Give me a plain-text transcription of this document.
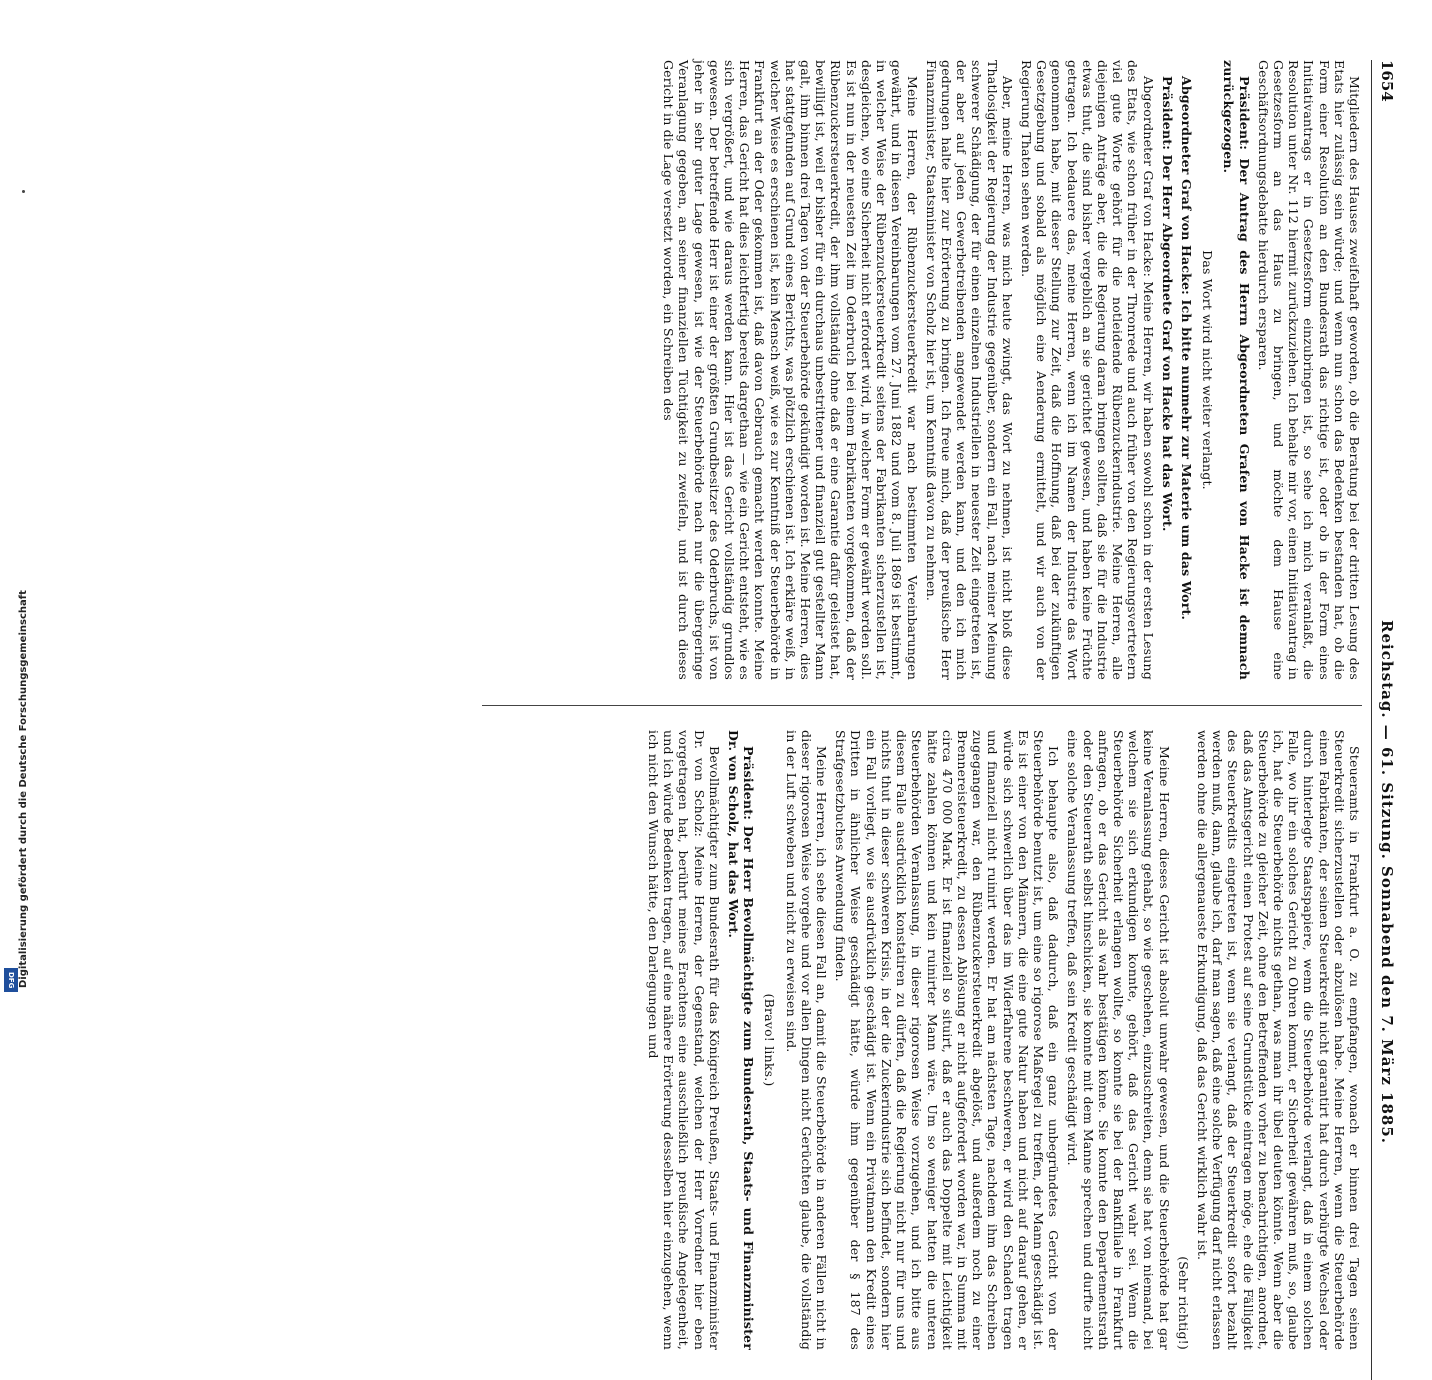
1654
Reichstag. — 61. Sitzung. Sonnabend den 7. März 1885.

Mitgliedern des Hauses zweifelhaft geworden, ob die Beratung bei der dritten Lesung des Etats hier zulässig sein würde; und wenn nun schon das Bedenken bestanden hat, ob die Form einer Resolution an den Bundesrath das richtige ist, oder ob in der Form eines Initiativantrags er in Gesetzesform einzubringen ist, so sehe ich mich veranlaßt, die Resolution unter Nr. 112 hiermit zurückzuziehen. Ich behalte mir vor, einen Initiativantrag in Gesetzesform an das Haus zu bringen, und möchte dem Hause eine Geschäftsordnungsdebatte hierdurch ersparen.

Präsident: Der Antrag des Herrn Abgeordneten Grafen von Hacke ist demnach zurückgezogen.

Das Wort wird nicht weiter verlangt.

Abgeordneter Graf von Hacke: Ich bitte nunmehr zur Materie um das Wort.

Präsident: Der Herr Abgeordnete Graf von Hacke hat das Wort.

Abgeordneter Graf von Hacke: Meine Herren, wir haben sowohl schon in der ersten Lesung des Etats, wie schon früher in der Thronrede und auch früher von den Regierungsvertretern viel gute Worte gehört für die notleidende Rübenzuckerindustrie. Meine Herren, alle diejenigen Anträge aber, die die Regierung daran bringen sollten, daß sie für die Industrie etwas thut, die sind bisher vergeblich an sie gerichtet gewesen, und haben keine Früchte getragen. Ich bedauere das, meine Herren, wenn ich im Namen der Industrie das Wort genommen habe, mit dieser Stellung zur Zeit, daß die Hoffnung, daß bei der zukünftigen Gesetzgebung und sobald als möglich eine Aenderung ermittelt, und wir auch von der Regierung Thaten sehen werden.

Aber, meine Herren, was mich heute zwingt, das Wort zu nehmen, ist nicht bloß diese Thatlosigkeit der Regierung der Industrie gegenüber, sondern ein Fall, nach meiner Meinung schwerer Schädigung, der für einen einzelnen Industriellen in neuester Zeit eingetreten ist, der aber auf jeden Gewerbetreibenden angewendet werden kann, und den ich mich gedrungen halte hier zur Erörterung zu bringen. Ich freue mich, daß der preußische Herr Finanzminister, Staatsminister von Scholz hier ist, um Kenntniß davon zu nehmen.

Meine Herren, der Rübenzuckersteuerkredit war nach bestimmten Vereinbarungen gewährt, und in diesen Vereinbarungen vom 27. Juni 1882 und vom 8. Juli 1869 ist bestimmt, in welcher Weise der Rübenzuckersteuerkredit seitens der Fabrikanten sicherzustellen ist, desgleichen, wo eine Sicherheit nicht erfordert wird, in welcher Form er gewährt werden soll. Es ist nun in der neuesten Zeit im Oderbruch bei einem Fabrikanten vorgekommen, daß der Rübenzuckersteuerkredit, der ihm vollständig ohne daß er eine Garantie dafür geleistet hat, bewilligt ist, weil er bisher für ein durchaus unbestrittener und finanziell gut gestellter Mann galt, ihm binnen drei Tagen von der Steuerbehörde gekündigt worden ist. Meine Herren, dies hat stattgefunden auf Grund eines Berichts, was plötzlich erschienen ist. Ich erkläre weiß, in welcher Weise es erschienen ist, kein Mensch weiß, wie es zur Kenntniß der Steuerbehörde in Frankfurt an der Oder gekommen ist, daß davon Gebrauch gemacht werden konnte. Meine Herren, das Gericht hat dies leichtfertig bereits dargethan — wie ein Gericht entsteht, wie es sich vergrößert, und wie daraus werden kann. Hier ist das Gericht vollständig grundlos gewesen. Der betreffende Herr ist einer der größten Grundbesitzer des Oderbruchs, ist von jeher in sehr guter Lage gewesen, ist wie der Steuerbehörde nach nur die übergeringe Veranlagung gegeben, an seiner finanziellen Tüchtigkeit zu zweifeln, und ist durch dieses Gericht in die Lage versetzt worden, ein Schreiben des

Steueramts in Frankfurt a. O. zu empfangen, wonach er binnen drei Tagen seinen Steuerkredit sicherzustellen oder abzulösen habe. Meine Herren, wenn die Steuerbehörde einen Fabrikanten, der seinen Steuerkredit nicht garantirt hat durch verbürgte Wechsel oder durch hinterlegte Staatspapiere, wenn die Steuerbehörde verlangt, daß in einem solchen Falle, wo ihr ein solches Gericht zu Ohren kommt, er Sicherheit gewähren muß, so, glaube ich, hat die Steuerbehörde nichts gethan, was man ihr übel deuten könnte. Wenn aber die Steuerbehörde zu gleicher Zeit, ohne den Betreffenden vorher zu benachrichtigen, anordnet, daß das Amtsgericht einen Protest auf seine Grundstücke eintragen möge, ehe die Fälligkeit des Steuerkredits eingetreten ist, wenn sie verlangt, daß der Steuerkredit sofort bezahlt werden muß, dann, glaube ich, darf man sagen, daß eine solche Verfügung darf nicht erlassen werden ohne die allergenaueste Erkundigung, daß das Gericht wirklich wahr ist.

(Sehr richtig!)

Meine Herren, dieses Gericht ist absolut unwahr gewesen, und die Steuerbehörde hat gar keine Veranlassung gehabt, so wie geschehen, einzuschreiten, denn sie hat von niemand, bei welchem sie sich erkundigen konnte, gehört, daß das Gericht wahr sei. Wenn die Steuerbehörde Sicherheit erlangen wollte, so konnte sie bei der Bankfiliale in Frankfurt anfragen, ob er das Gericht als wahr bestätigen könne. Sie konnte den Departementsrath oder den Steuerrath selbst hinschicken, sie konnte mit dem Manne sprechen und durfte nicht eine solche Veranlassung treffen, daß sein Kredit geschädigt wird.

Ich behaupte also, daß dadurch, daß ein ganz unbegründetes Gericht von der Steuerbehörde benutzt ist, um eine so rigorose Maßregel zu treffen, der Mann geschädigt ist. Es ist einer von den Männern, die eine gute Natur haben und nicht auf darauf gehen, er würde sich schwerlich über das im Widerfahrene beschweren, er wird den Schaden tragen und finanziell nicht ruinirt werden. Er hat am nächsten Tage, nachdem ihm das Schreiben zugegangen war, den Rübenzuckersteuerkredit abgelöst, und außerdem noch zu einer Brennereisteuerkredit, zu dessen Ablösung er nicht aufgefordert worden war, in Summa mit circa 470 000 Mark. Er ist finanziell so situirt, daß er auch das Doppelte mit Leichtigkeit hätte zahlen können und kein ruinirter Mann wäre. Um so weniger hatten die unteren Steuerbehörden Veranlassung, in dieser rigorosen Weise vorzugehen, und ich bitte aus diesem Falle ausdrücklich konstatiren zu dürfen, daß die Regierung nicht nur für uns und nichts thut in dieser schweren Krisis, in der die Zuckerindustrie sich befindet, sondern hier ein Fall vorliegt, wo sie ausdrücklich geschädigt ist. Wenn ein Privatmann den Kredit eines Dritten in ähnlicher Weise geschädigt hätte, würde ihm gegenüber der § 187 des Strafgesetzbuches Anwendung finden.

Meine Herren, ich sehe diesen Fall an, damit die Steuerbehörde in anderen Fällen nicht in dieser rigorosen Weise vorgehe und vor allen Dingen nicht Gerüchten glaube, die vollständig in der Luft schweben und nicht zu erweisen sind.

(Bravo! links.)

Präsident: Der Herr Bevollmächtigte zum Bundesrath, Staats- und Finanzminister Dr. von Scholz, hat das Wort.

Bevollmächtigter zum Bundesrath für das Königreich Preußen, Staats- und Finanzminister Dr. von Scholz: Meine Herren, der Gegenstand, welchen der Herr Vorredner hier eben vorgetragen hat, berührt meines Erachtens eine ausschließlich preußische Angelegenheit, und ich würde Bedenken tragen, auf eine nähere Erörterung desselben hier einzugehen, wenn ich nicht den Wunsch hätte, den Darlegungen und

Digitalisierung gefördert durch die Deutsche Forschungsgemeinschaft
DFG
